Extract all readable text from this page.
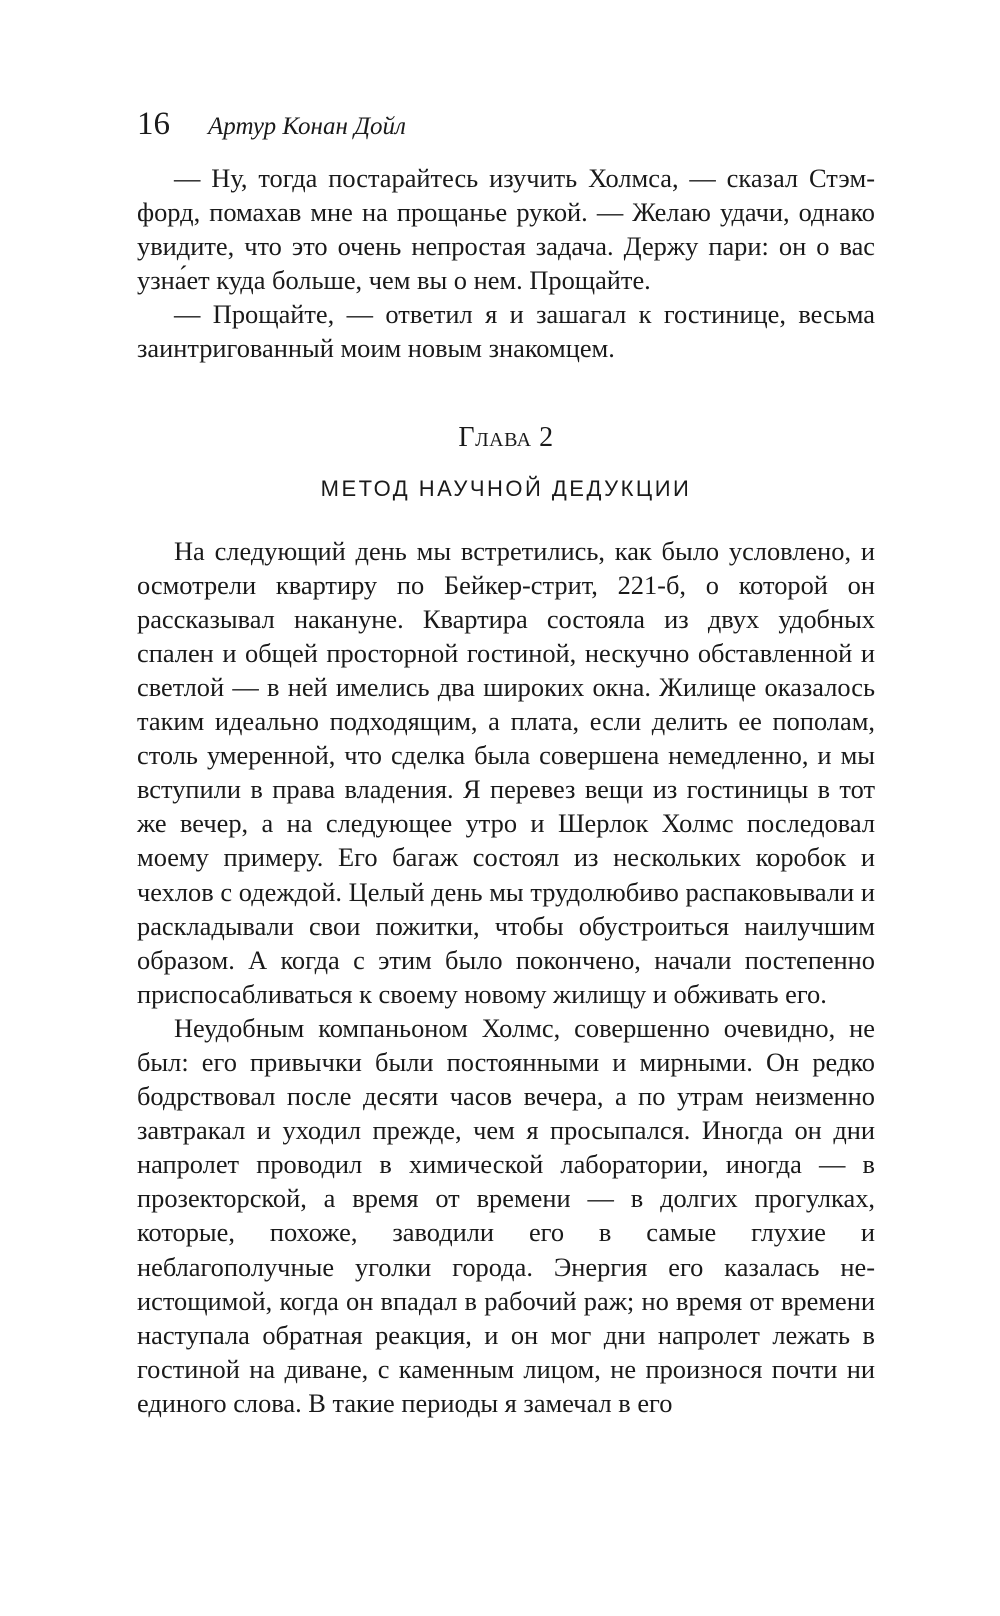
16 Артур Конан Дойл

— Ну, тогда постарайтесь изучить Холмса, — сказал Стэмфорд, помахав мне на прощанье рукой. — Желаю удачи, однако увидите, что это очень непростая задача. Держу пари: он о вас узна́ет куда больше, чем вы о нем. Прощайте.

— Прощайте, — ответил я и зашагал к гостинице, весьма заинтригованный моим новым знакомцем.

Глава 2
МЕТОД НАУЧНОЙ ДЕДУКЦИИ

На следующий день мы встретились, как было условлено, и осмотрели квартиру по Бейкер-стрит, 221-б, о которой он рассказывал накануне. Квартира состояла из двух удобных спален и общей просторной гостиной, нескучно обставленной и светлой — в ней имелись два широких окна. Жилище оказалось таким идеально подходящим, а плата, если делить ее пополам, столь умеренной, что сделка была совершена немедленно, и мы вступили в права владения. Я перевез вещи из гостиницы в тот же вечер, а на следующее утро и Шерлок Холмс последовал моему примеру. Его багаж состоял из нескольких коробок и чехлов с одеждой. Целый день мы трудолюбиво распаковывали и раскладывали свои пожитки, чтобы обустроиться наилучшим образом. А когда с этим было покончено, начали постепенно приспосабливаться к своему новому жилищу и обживать его.

Неудобным компаньоном Холмс, совершенно очевидно, не был: его привычки были постоянными и мирными. Он редко бодрствовал после десяти часов вечера, а по утрам неизменно завтракал и уходил прежде, чем я просыпался. Иногда он дни напролет проводил в химической лаборатории, иногда — в прозекторской, а время от времени — в долгих прогулках, которые, похоже, заводили его в самые глухие и неблагополучные уголки города. Энергия его казалась неистощимой, когда он впадал в рабочий раж; но время от времени наступала обратная реакция, и он мог дни напролет лежать в гостиной на диване, с каменным лицом, не произнося почти ни единого слова. В такие периоды я замечал в его
